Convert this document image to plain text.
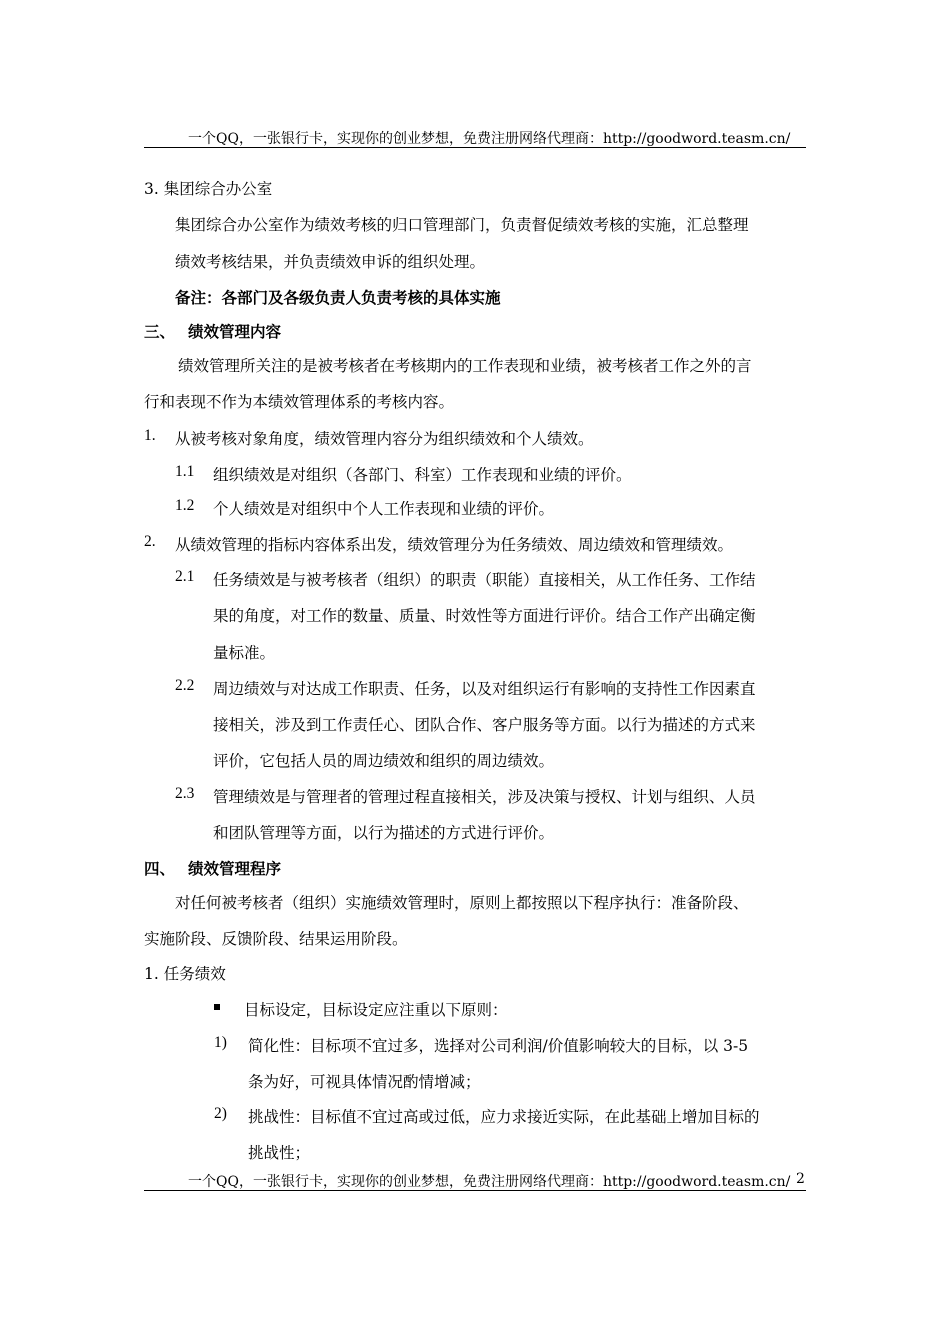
一个QQ，一张银行卡，实现你的创业梦想，免费注册网络代理商：http://goodword.teasm.cn/
3. 集团综合办公室
集团综合办公室作为绩效考核的归口管理部门，负责督促绩效考核的实施，汇总整理
绩效考核结果，并负责绩效申诉的组织处理。
备注：各部门及各级负责人负责考核的具体实施
三、 绩效管理内容
绩效管理所关注的是被考核者在考核期内的工作表现和业绩，被考核者工作之外的言
行和表现不作为本绩效管理体系的考核内容。
1. 从被考核对象角度，绩效管理内容分为组织绩效和个人绩效。
1.1 组织绩效是对组织（各部门、科室）工作表现和业绩的评价。
1.2 个人绩效是对组织中个人工作表现和业绩的评价。
2. 从绩效管理的指标内容体系出发，绩效管理分为任务绩效、周边绩效和管理绩效。
2.1 任务绩效是与被考核者（组织）的职责（职能）直接相关，从工作任务、工作结
果的角度，对工作的数量、质量、时效性等方面进行评价。结合工作产出确定衡
量标准。
2.2 周边绩效与对达成工作职责、任务，以及对组织运行有影响的支持性工作因素直
接相关，涉及到工作责任心、团队合作、客户服务等方面。以行为描述的方式来
评价，它包括人员的周边绩效和组织的周边绩效。
2.3 管理绩效是与管理者的管理过程直接相关，涉及决策与授权、计划与组织、人员
和团队管理等方面，以行为描述的方式进行评价。
四、 绩效管理程序
对任何被考核者（组织）实施绩效管理时，原则上都按照以下程序执行：准备阶段、
实施阶段、反馈阶段、结果运用阶段。
1. 任务绩效
目标设定，目标设定应注重以下原则：
1) 简化性：目标项不宜过多，选择对公司利润/价值影响较大的目标，以 3-5
条为好，可视具体情况酌情增减；
2) 挑战性：目标值不宜过高或过低，应力求接近实际，在此基础上增加目标的
挑战性；
一个QQ，一张银行卡，实现你的创业梦想，免费注册网络代理商：http://goodword.teasm.cn/ 2
